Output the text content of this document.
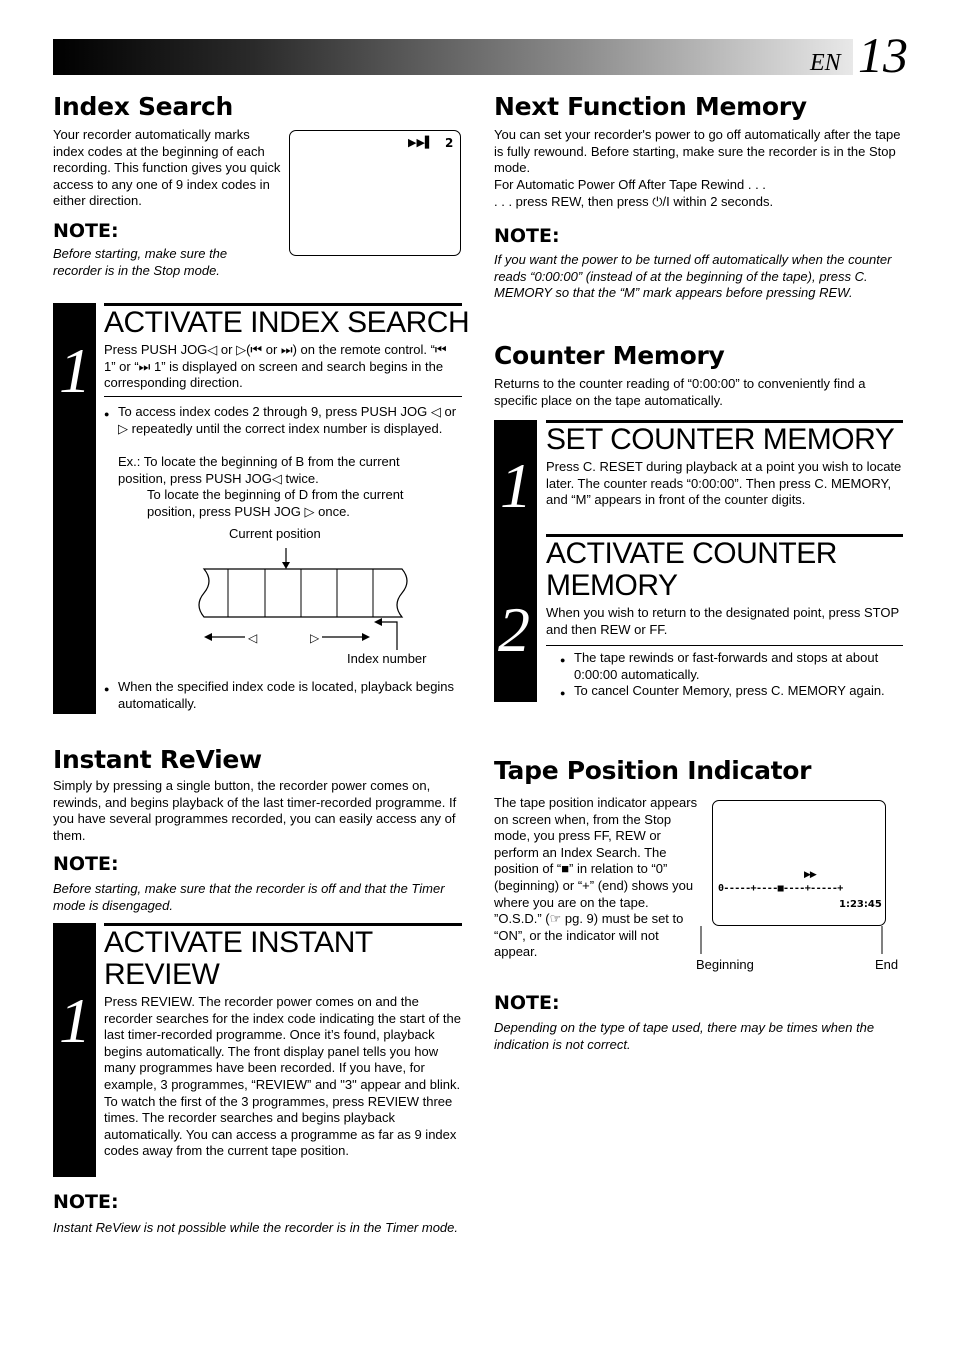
EN 13
Index Search
Your recorder automatically marks index codes at the beginning of each recording. This function gives you quick access to any one of 9 index codes in either direction.
NOTE:
Before starting, make sure the recorder is in the Stop mode.
▶▶▌ 2
1
ACTIVATE INDEX SEARCH
Press PUSH JOG◁ or ▷(⏮ or ⏭) on the remote control. “⏮ 1” or “⏭ 1” is displayed on screen and search begins in the corresponding direction.
● To access index codes 2 through 9, press PUSH JOG ◁ or ▷ repeatedly until the correct index number is displayed.
Ex.: To locate the beginning of B from the current position, press PUSH JOG◁ twice.
To locate the beginning of D from the current position, press PUSH JOG ▷ once.
Current position
◁	▷
Index number
● When the specified index code is located, playback begins automatically.
Instant ReView
Simply by pressing a single button, the recorder power comes on, rewinds, and begins playback of the last timer-recorded programme. If you have several programmes recorded, you can easily access any of them.
NOTE:
Before starting, make sure that the recorder is off and that the Timer mode is disengaged.
1
ACTIVATE INSTANT REVIEW
Press REVIEW. The recorder power comes on and the recorder searches for the index code indicating the start of the last timer-recorded programme. Once it’s found, playback begins automatically. The front display panel tells you how many programmes have been recorded. If you have, for example, 3 programmes, “REVIEW” and "3" appear and blink. To watch the first of the 3 programmes, press REVIEW three times. The recorder searches and begins playback automatically. You can access a programme as far as 9 index codes away from the current tape position.
NOTE:
Instant ReView is not possible while the recorder is in the Timer mode.
Next Function Memory
You can set your recorder's power to go off automatically after the tape is fully rewound. Before starting, make sure the recorder is in the Stop mode.
For Automatic Power Off After Tape Rewind . . .
. . . press REW, then press ⏻/I within 2 seconds.
NOTE:
If you want the power to be turned off automatically when the counter reads “0:00:00” (instead of at the beginning of the tape), press C. MEMORY so that the “M” mark appears before pressing REW.
Counter Memory
Returns to the counter reading of “0:00:00” to conveniently find a specific place on the tape automatically.
1
2
SET COUNTER MEMORY
Press C. RESET during playback at a point you wish to locate later. The counter reads “0:00:00”. Then press C. MEMORY, and “M” appears in front of the counter digits.
ACTIVATE COUNTER MEMORY
When you wish to return to the designated point, press STOP and then REW or FF.
● The tape rewinds or fast-forwards and stops at about 0:00:00 automatically.
● To cancel Counter Memory, press C. MEMORY again.
Tape Position Indicator
The tape position indicator appears on screen when, from the Stop mode, you press FF, REW or perform an Index Search. The position of “■” in relation to “0” (beginning) or “+” (end) shows you where you are on the tape. ”O.S.D.” (☞ pg. 9) must be set to “ON”, or the indicator will not appear.
▶▶
0-----+----■----+-----+
1:23:45
Beginning	End
NOTE:
Depending on the type of tape used, there may be times when the indication is not correct.
